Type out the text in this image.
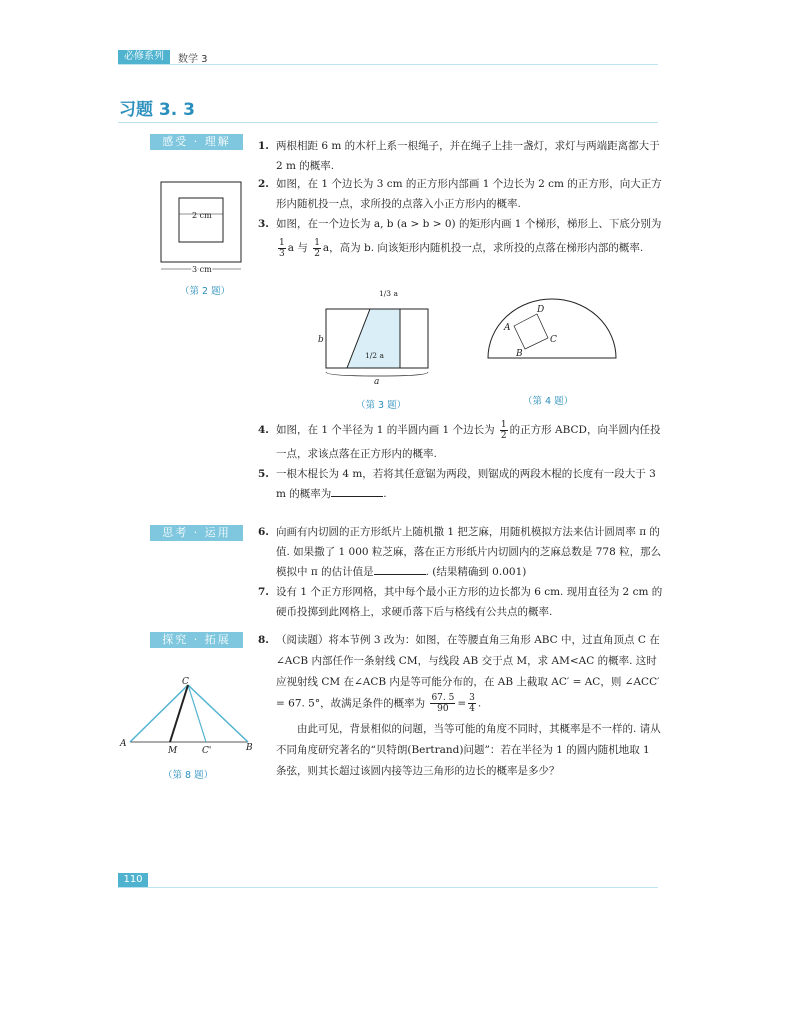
必修系列	数学 3
习题 3. 3
感受 · 理解
思考 · 运用
探究 · 拓展
2 cm
3 cm
（第 2 题）
1. 两根相距 6 m 的木杆上系一根绳子，并在绳子上挂一盏灯，求灯与两端距离都大于 2 m 的概率.
2. 如图，在 1 个边长为 3 cm 的正方形内部画 1 个边长为 2 cm 的正方形，向大正方形内随机投一点，求所投的点落入小正方形内的概率.
3. 如图，在一个边长为 a, b (a > b > 0) 的矩形内画 1 个梯形，梯形上、下底分别为
$\frac{1}{3}$ a 与 $\frac{1}{2}$ a，高为 b. 向该矩形内随机投一点，求所投的点落在梯形内部的概率.
1/3 a
1/2 a
b
a
（第 3 题）
A
D
C
B
（第 4 题）
4. 如图，在 1 个半径为 1 的半圆内画 1 个边长为 $\frac{1}{2}$ 的正方形 ABCD，向半圆内任投一点，求该点落在正方形内的概率.
5. 一根木棍长为 4 m，若将其任意锯为两段，则锯成的两段木棍的长度有一段大于 3 m 的概率为	.
6. 向画有内切圆的正方形纸片上随机撒 1 把芝麻，用随机模拟方法来估计圆周率 π 的值. 如果撒了 1 000 粒芝麻，落在正方形纸片内切圆内的芝麻总数是 778 粒，那么模拟中 π 的估计值是	. (结果精确到 0.001)
7. 设有 1 个正方形网格，其中每个最小正方形的边长都为 6 cm. 现用直径为 2 cm 的硬币投掷到此网格上，求硬币落下后与格线有公共点的概率.
A	B
C
M	C'
（第 8 题）
8. （阅读题）将本节例 3 改为：如图，在等腰直角三角形 ABC 中，过直角顶点 C 在∠ACB 内部任作一条射线 CM，与线段 AB 交于点 M，求 AM<AC 的概率. 这时应视射线 CM 在∠ACB 内是等可能分布的，在 AB 上截取 AC′ = AC，则 ∠ACC′ = 67. 5°，故满足条件的概率为 $\frac{67. 5}{90} = \frac{3}{4}$ .
由此可见，背景相似的问题，当等可能的角度不同时，其概率是不一样的. 请从不同角度研究著名的“贝特朗(Bertrand)问题”：若在半径为 1 的圆内随机地取 1 条弦，则其长超过该圆内接等边三角形的边长的概率是多少？
110
